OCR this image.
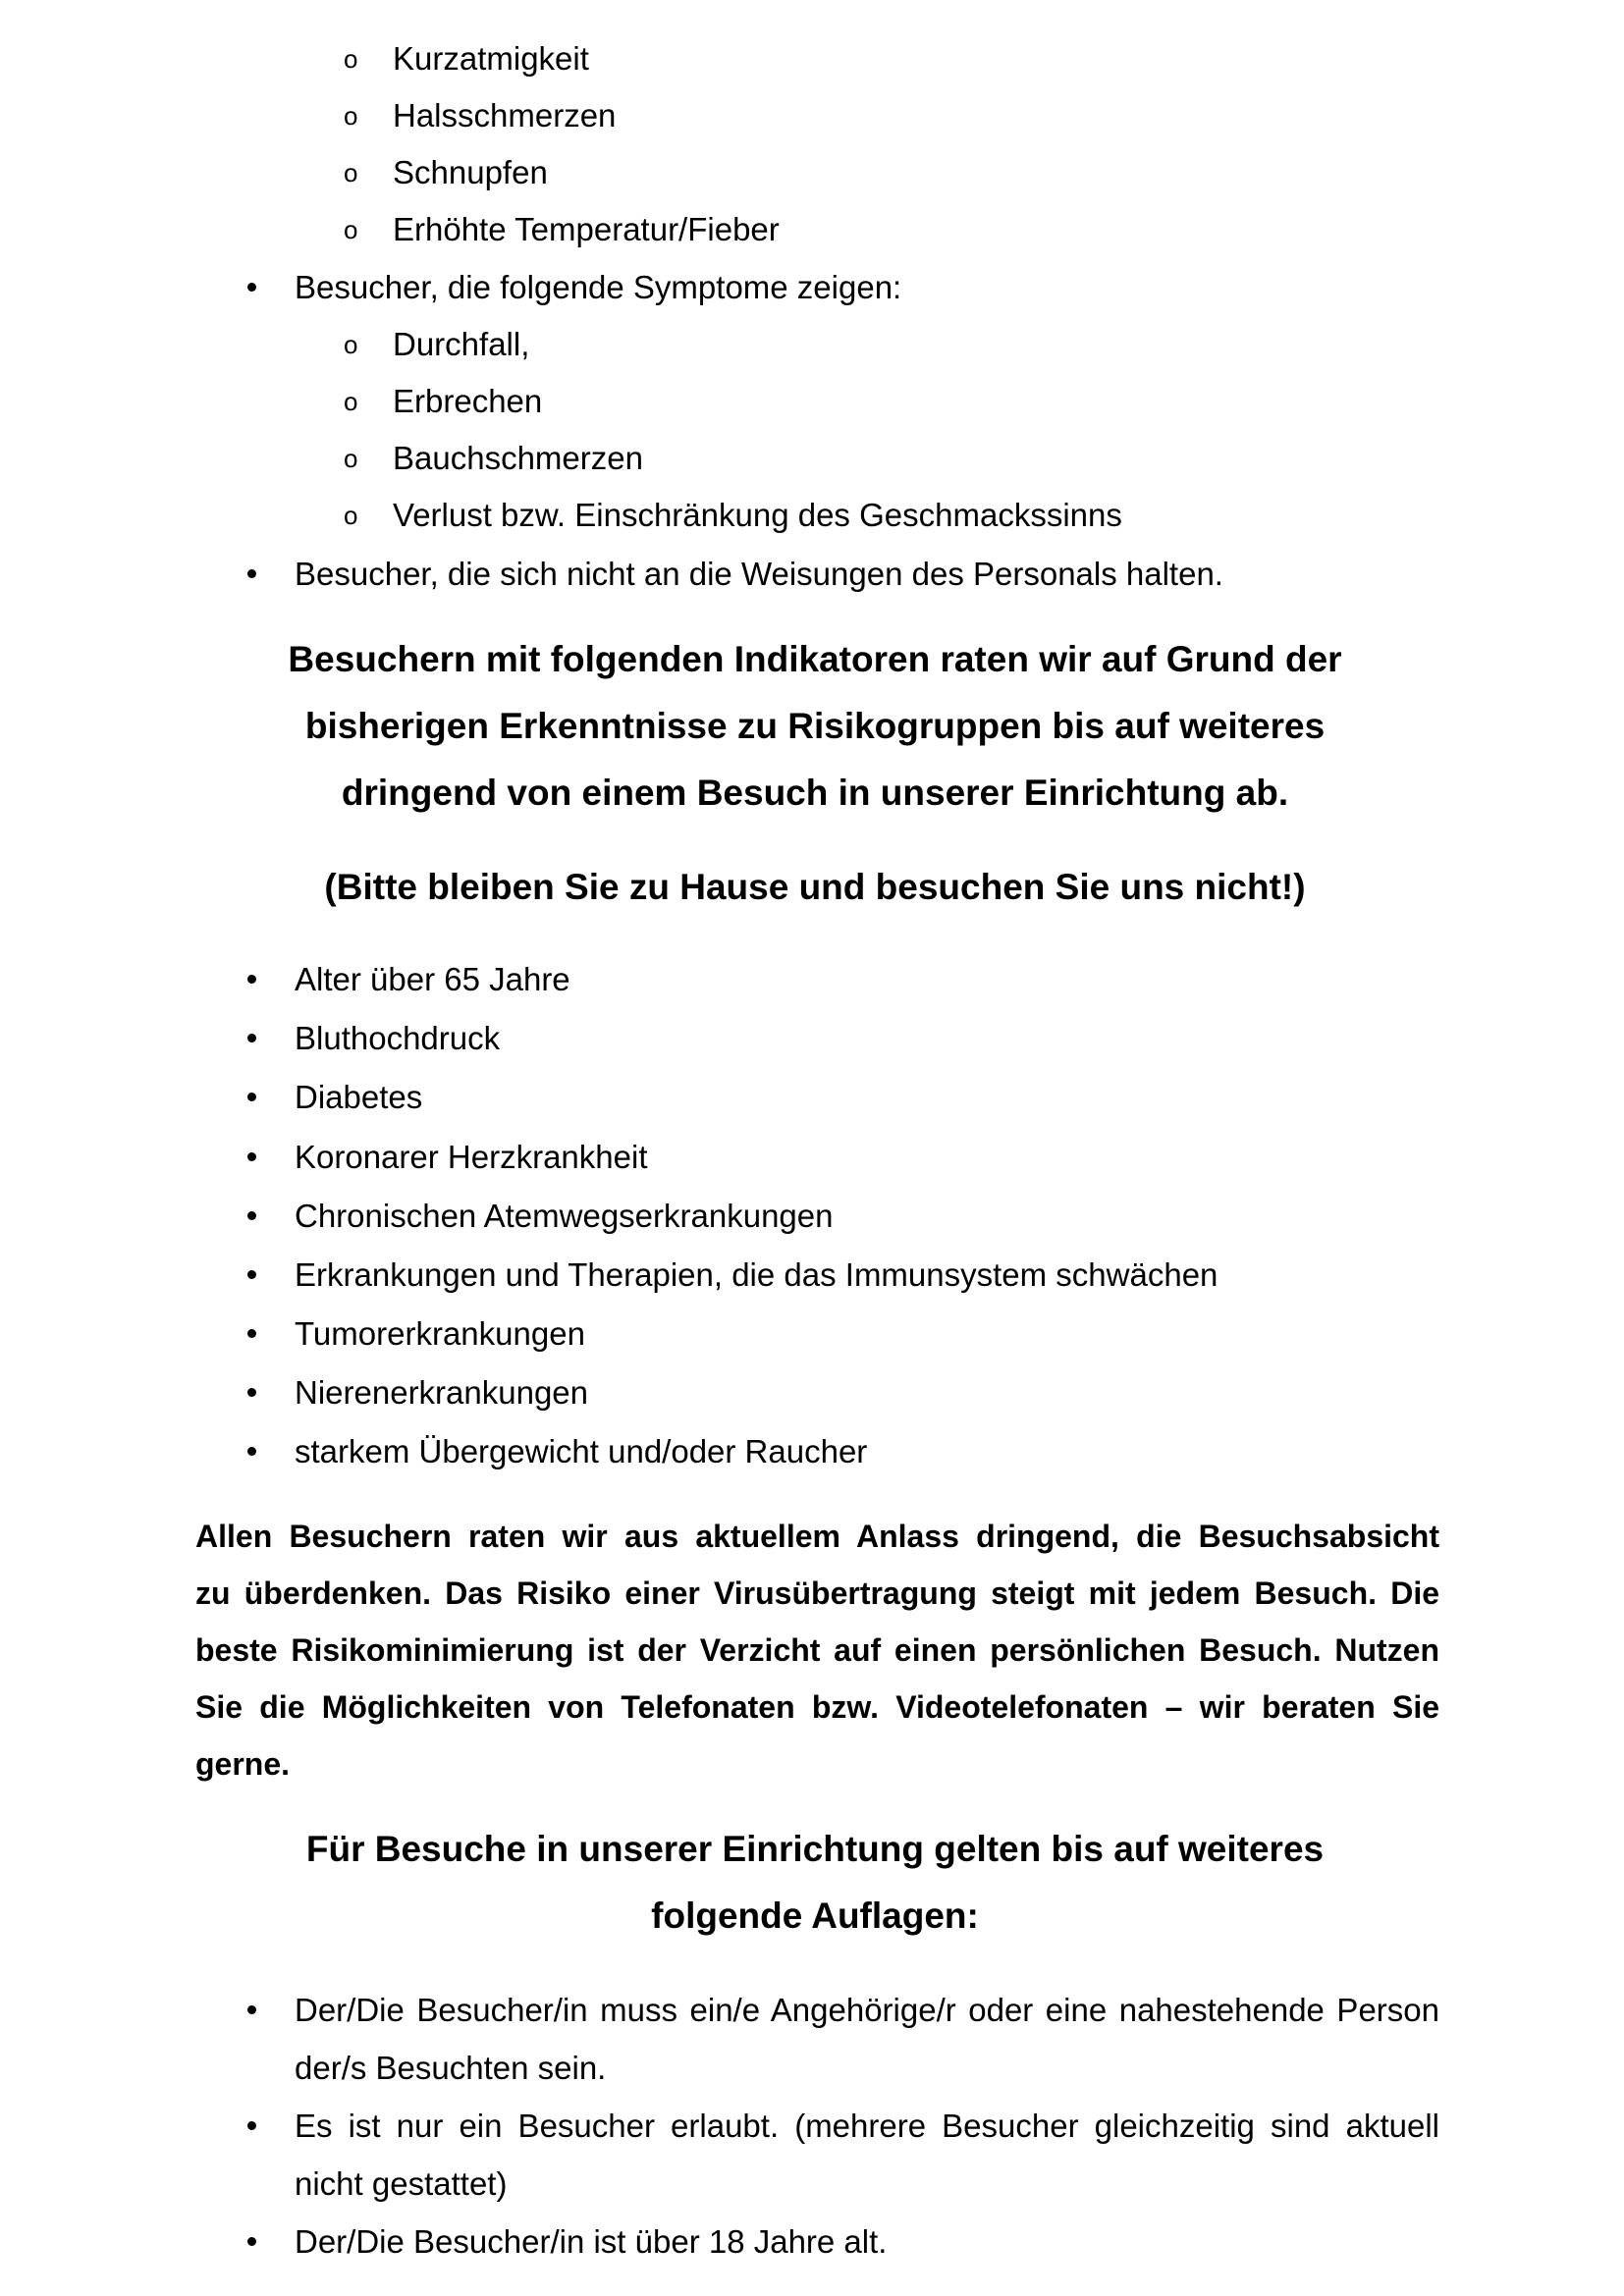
o Kurzatmigkeit
o Halsschmerzen
o Schnupfen
o Erhöhte Temperatur/Fieber
Besucher, die folgende Symptome zeigen:
o Durchfall,
o Erbrechen
o Bauchschmerzen
o Verlust bzw. Einschränkung des Geschmackssinns
Besucher, die sich nicht an die Weisungen des Personals halten.
Besuchern mit folgenden Indikatoren raten wir auf Grund der
bisherigen Erkenntnisse zu Risikogruppen bis auf weiteres
dringend von einem Besuch in unserer Einrichtung ab.
(Bitte bleiben Sie zu Hause und besuchen Sie uns nicht!)
Alter über 65 Jahre
Bluthochdruck
Diabetes
Koronarer Herzkrankheit
Chronischen Atemwegserkrankungen
Erkrankungen und Therapien, die das Immunsystem schwächen
Tumorerkrankungen
Nierenerkrankungen
starkem Übergewicht und/oder Raucher
Allen Besuchern raten wir aus aktuellem Anlass dringend, die Besuchsabsicht
zu überdenken. Das Risiko einer Virusübertragung steigt mit jedem Besuch. Die
beste Risikominimierung ist der Verzicht auf einen persönlichen Besuch. Nutzen
Sie die Möglichkeiten von Telefonaten bzw. Videotelefonaten – wir beraten Sie
gerne.
Für Besuche in unserer Einrichtung gelten bis auf weiteres
folgende Auflagen:
Der/Die Besucher/in muss ein/e Angehörige/r oder eine nahestehende Person der/s Besuchten sein.
Es ist nur ein Besucher erlaubt. (mehrere Besucher gleichzeitig sind aktuell nicht gestattet)
Der/Die Besucher/in ist über 18 Jahre alt.
